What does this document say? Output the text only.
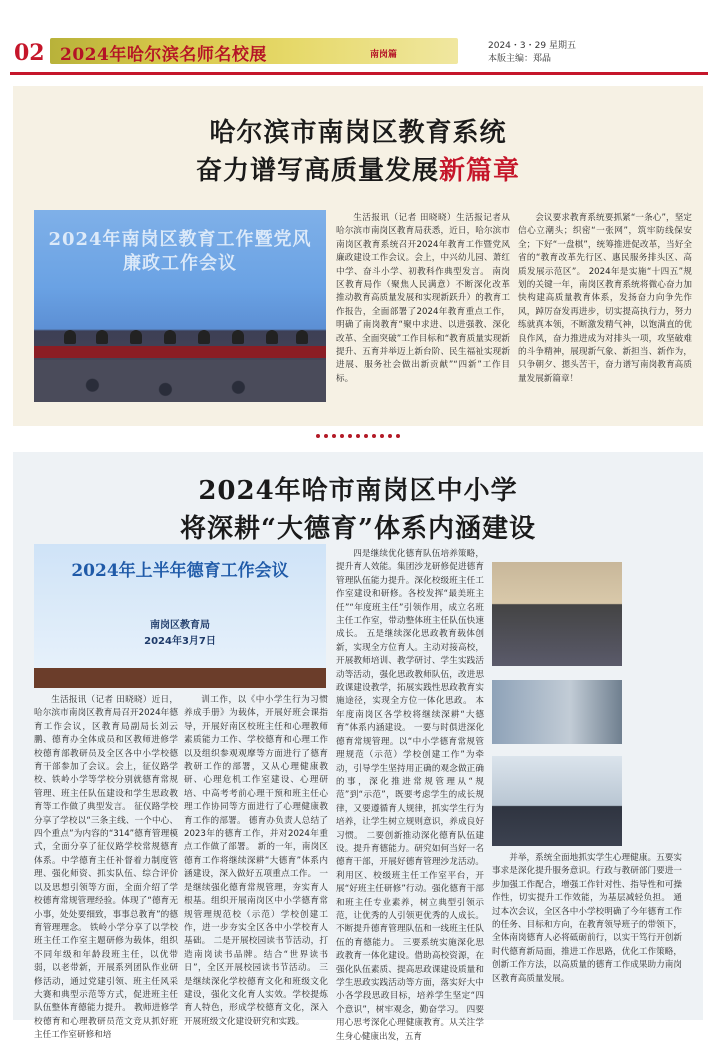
02 2024年哈尔滨名师名校展	南岗篇
2024・3・29 星期五
本版主编：郑晶
哈尔滨市南岗区教育系统
奋力谱写高质量发展新篇章
2024年南岗区教育工作暨党风廉政工作会议

生活报讯（记者 田晓晓）生活报记者从哈尔滨市南岗区教育局获悉，近日，哈尔滨市南岗区教育系统召开2024年教育工作暨党风廉政建设工作会议。会上，中兴幼儿园、萧红中学、奋斗小学、初教科作典型发言。 南岗区教育局作（聚焦人民满意）不断深化改革 推动教育高质量发展和实现新跃升）的教育工作报告，全面部署了2024年教育重点工作，明确了南岗教育“聚中求进、以进强教、深化改革、全面突破”工作目标和“教育质量实现新提升、五育并举迈上新台阶、民生福祉实现新进展、服务社会做出新贡献”“四新”工作目标。

会议要求教育系统要抓紧“一条心”，坚定信心立潮头；织密“一张网”，筑牢防线保安全；下好“一盘棋”，统筹推进促改革，当好全省的“教育改革先行区、惠民服务排头区、高质发展示范区”。 2024年是实施“十四五”规划的关键一年，南岗区教育系统将微心奋力加快构建高质量教育体系，发扬奋力向争先作风，踔厉奋发再进步，切实提高执行力，努力练就真本领，不断激发精气神，以饱满直的优良作风，奋力推进成为对排头一项，攻坚破难的斗争精神，展现新气象、新担当、新作为，只争朝夕、摁头苦干，奋力谱写南岗教育高质量发展新篇章！

2024年哈市南岗区中小学
将深耕“大德育”体系内涵建设
2024年上半年德育工作会议
南岗区教育局
2024年3月7日

生活报讯（记者 田晓晓）近日，哈尔滨市南岗区教育局召开2024年德育工作会议，区教育局副局长刘云鹏、德育办全体成员和区教师进修学校德育部教研员及全区各中小学校德育干部参加了会议。会上，征仪路学校、铁岭小学等学校分别就德育常规管理、班主任队伍建设和学生思政教育等工作做了典型发言。 征仪路学校分享了学校以“三条主线、一个中心、四个重点”为内容的“314”德育管理模式，全面分享了征仪路学校常规德育体系。中学德育主任补督着力制度管理、强化师资、抓实队伍、综合评价以及思想引领等方面，全面介绍了学校德育常规管理经验。体现了“德育无小事，处处要细致，事事总教育”的德育管理理念。 铁岭小学分享了以学校班主任工作室主题研修为载体，组织不同年级和年龄段班主任，以优带弱，以老带新，开展系列团队作业研修活动，通过党建引领、班主任风采大赛和典型示范等方式，促进班主任队伍整体育德能力提升。 教师进修学校德育和心理教研员范文竞从抓好班主任工作室研修和培

训工作，以《中小学生行为习惯养成手册》为载体，开展好班会课指导，开展好南区校班主任和心理教师素质能力工作、学校德育和心理工作以及组织参观观摩等方面进行了德育教研工作的部署，又从心理健康教研、心理危机工作室建设、心理研培、中高考考前心理干预和班主任心理工作协同等方面进行了心理健康教育工作的部署。 德育办负责人总结了2023年的德育工作，并对2024年重点工作做了部署。 新的一年，南岗区德育工作将继续深耕“大德育”体系内涵建设，深入做好五项重点工作。 一是继续强化德育常规管理，夯实育人根基。组织开展南岗区中小学德育常规管理规范校（示范）学校创建工作，进一步夯实全区各中小学校育人基础。 二是开展校园读书节活动，打造南岗读书品牌。结合“世界读书日”，全区开展校园读书节活动。 三是继续深化学校德育文化和班级文化建设，强化文化育人实效。学校提炼育人特色，形成学校德育文化，深入开展班级文化建设研究和实践。

四是继续优化德育队伍培养策略，提升育人效能。集团沙龙研修促进德育管理队伍能力提升。深化校级班主任工作室建设和研修。各校发挥“最美班主任”“年度班主任”引领作用，成立名班主任工作室，带动整体班主任队伍快速成长。 五是继续深化思政教育载体创新，实现全方位育人。主动对接高校，开展教师培训、教学研讨、学生实践活动等活动，强化思政教师队伍，改进思政课建设教学，拓展实践性思政教育实施途径，实现全方位一体化思政。 本年度南岗区各学校将继续深耕“大德育”体系内涵建设。 一要与时俱进深化德育常规管理。以“中小学德育常规管理规范（示范）学校创建工作”为牵动，引导学生坚持用正确的观念做正确的事，深化推进常规管理从“规范”到“示范”，既要考虑学生的成长规律，又要遵循育人规律，抓实学生行为培养，让学生树立规则意识，养成良好习惯。 二要创新推动深化德育队伍建设。提升育德能力。研究如何当好一名德育干部，开展好德育管理沙龙活动。利用区、校级班主任工作室平台，开展“好班主任研修”行动。强化德育干部和班主任专业素养，树立典型引领示范，让优秀的人引领更优秀的人成长。不断提升德育管理队伍和一线班主任队伍的育德能力。 三要系统实施深化思政教育一体化建设。借助高校资源，在强化队伍素质、提高思政课建设质量和学生思政实践活动等方面，落实好大中小各学段思政目标，培养学生坚定“四个意识”，树牢观念，勤奋学习。 四要用心思考深化心理健康教育。从关注学生身心健康出发，五育

并举，系统全面地抓实学生心理健康。五要实事求是深化提升服务意识。行政与教研部门要进一步加强工作配合，增强工作针对性、指导性和可操作性，切实提升工作效能，为基层减轻负担。 通过本次会议，全区各中小学校明确了今年德育工作的任务、目标和方向，在教育领导班子的带领下，全体南岗德育人必将砥砺前行，以实干笃行开创新时代德育新局面，推进工作思路，优化工作策略，创新工作方法，以高质量的德育工作成果助力南岗区教育高质量发展。
